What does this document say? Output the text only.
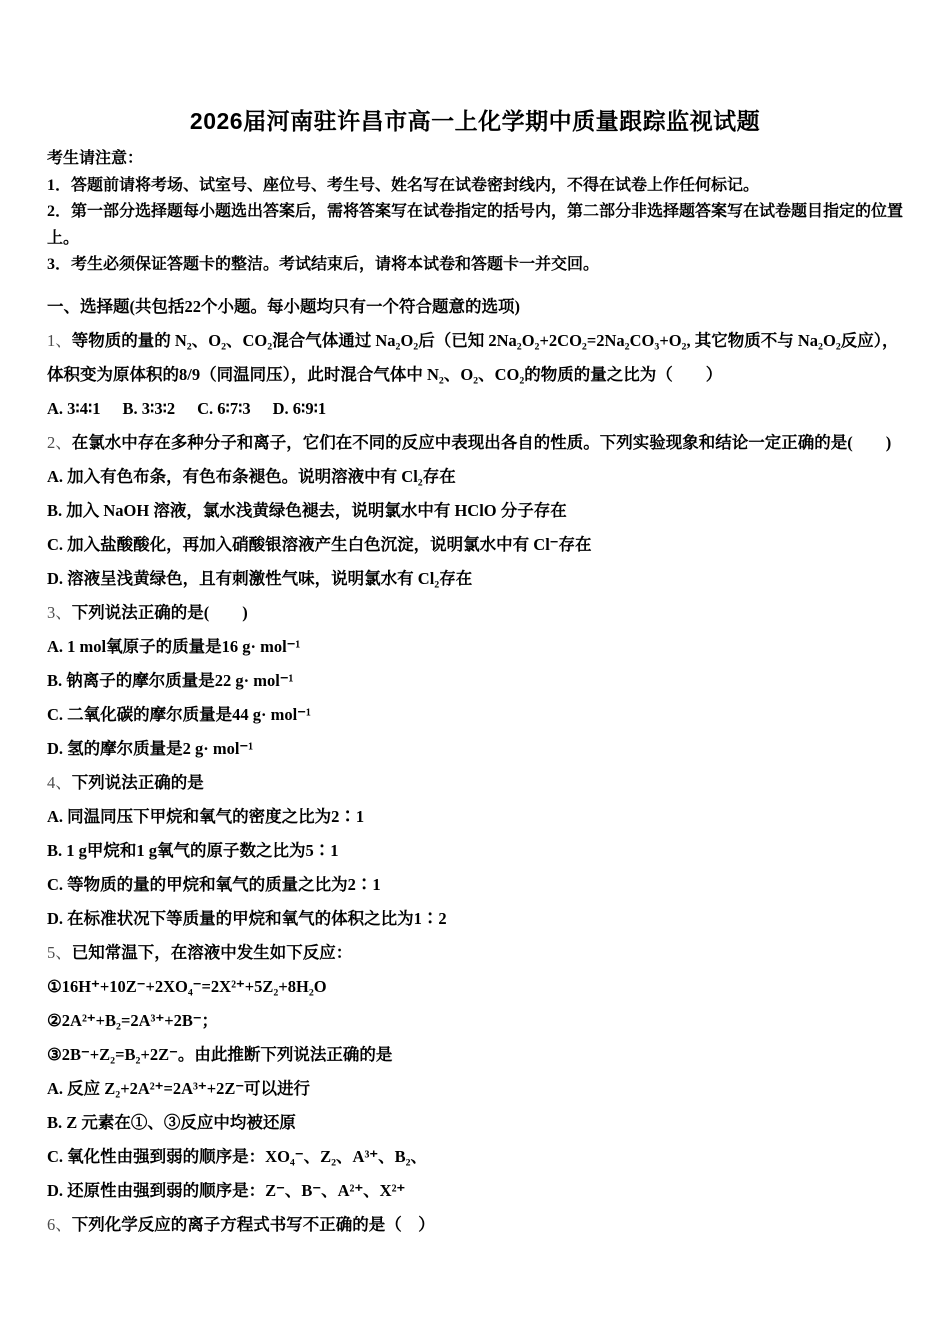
2026届河南驻许昌市高一上化学期中质量跟踪监视试题

考生请注意：

1．答题前请将考场、试室号、座位号、考生号、姓名写在试卷密封线内，不得在试卷上作任何标记。

2．第一部分选择题每小题选出答案后，需将答案写在试卷指定的括号内，第二部分非选择题答案写在试卷题目指定的位置上。

3．考生必须保证答题卡的整洁。考试结束后，请将本试卷和答题卡一并交回。

一、选择题(共包括22个小题。每小题均只有一个符合题意的选项)

1、等物质的量的 N₂、O₂、CO₂混合气体通过 Na₂O₂后（已知 2Na₂O₂+2CO₂=2Na₂CO₃+O₂, 其它物质不与 Na₂O₂反应），体积变为原体积的8/9（同温同压），此时混合气体中 N₂、O₂、CO₂的物质的量之比为（　　）

A. 3∶4∶1 B. 3∶3∶2 C. 6∶7∶3 D. 6∶9∶1

2、在氯水中存在多种分子和离子，它们在不同的反应中表现出各自的性质。下列实验现象和结论一定正确的是(　　)

A. 加入有色布条，有色布条褪色。说明溶液中有 Cl₂存在

B. 加入 NaOH 溶液，氯水浅黄绿色褪去，说明氯水中有 HClO 分子存在

C. 加入盐酸酸化，再加入硝酸银溶液产生白色沉淀，说明氯水中有 Cl⁻存在

D. 溶液呈浅黄绿色，且有刺激性气味，说明氯水有 Cl₂存在

3、下列说法正确的是(　　)

A. 1 mol氧原子的质量是16 g· mol⁻¹

B. 钠离子的摩尔质量是22 g· mol⁻¹

C. 二氧化碳的摩尔质量是44 g· mol⁻¹

D. 氢的摩尔质量是2 g· mol⁻¹

4、下列说法正确的是

A. 同温同压下甲烷和氧气的密度之比为2∶1

B. 1 g甲烷和1 g氧气的原子数之比为5∶1

C. 等物质的量的甲烷和氧气的质量之比为2∶1

D. 在标准状况下等质量的甲烷和氧气的体积之比为1∶2

5、已知常温下，在溶液中发生如下反应：

①16H⁺+10Z⁻+2XO₄⁻=2X²⁺+5Z₂+8H₂O

②2A²⁺+B₂=2A³⁺+2B⁻；

③2B⁻+Z₂=B₂+2Z⁻。由此推断下列说法正确的是

A. 反应 Z₂+2A²⁺=2A³⁺+2Z⁻可以进行

B. Z 元素在①、③反应中均被还原

C. 氧化性由强到弱的顺序是：XO₄⁻、Z₂、A³⁺、B₂、

D. 还原性由强到弱的顺序是：Z⁻、B⁻、A²⁺、X²⁺

6、下列化学反应的离子方程式书写不正确的是（　）
